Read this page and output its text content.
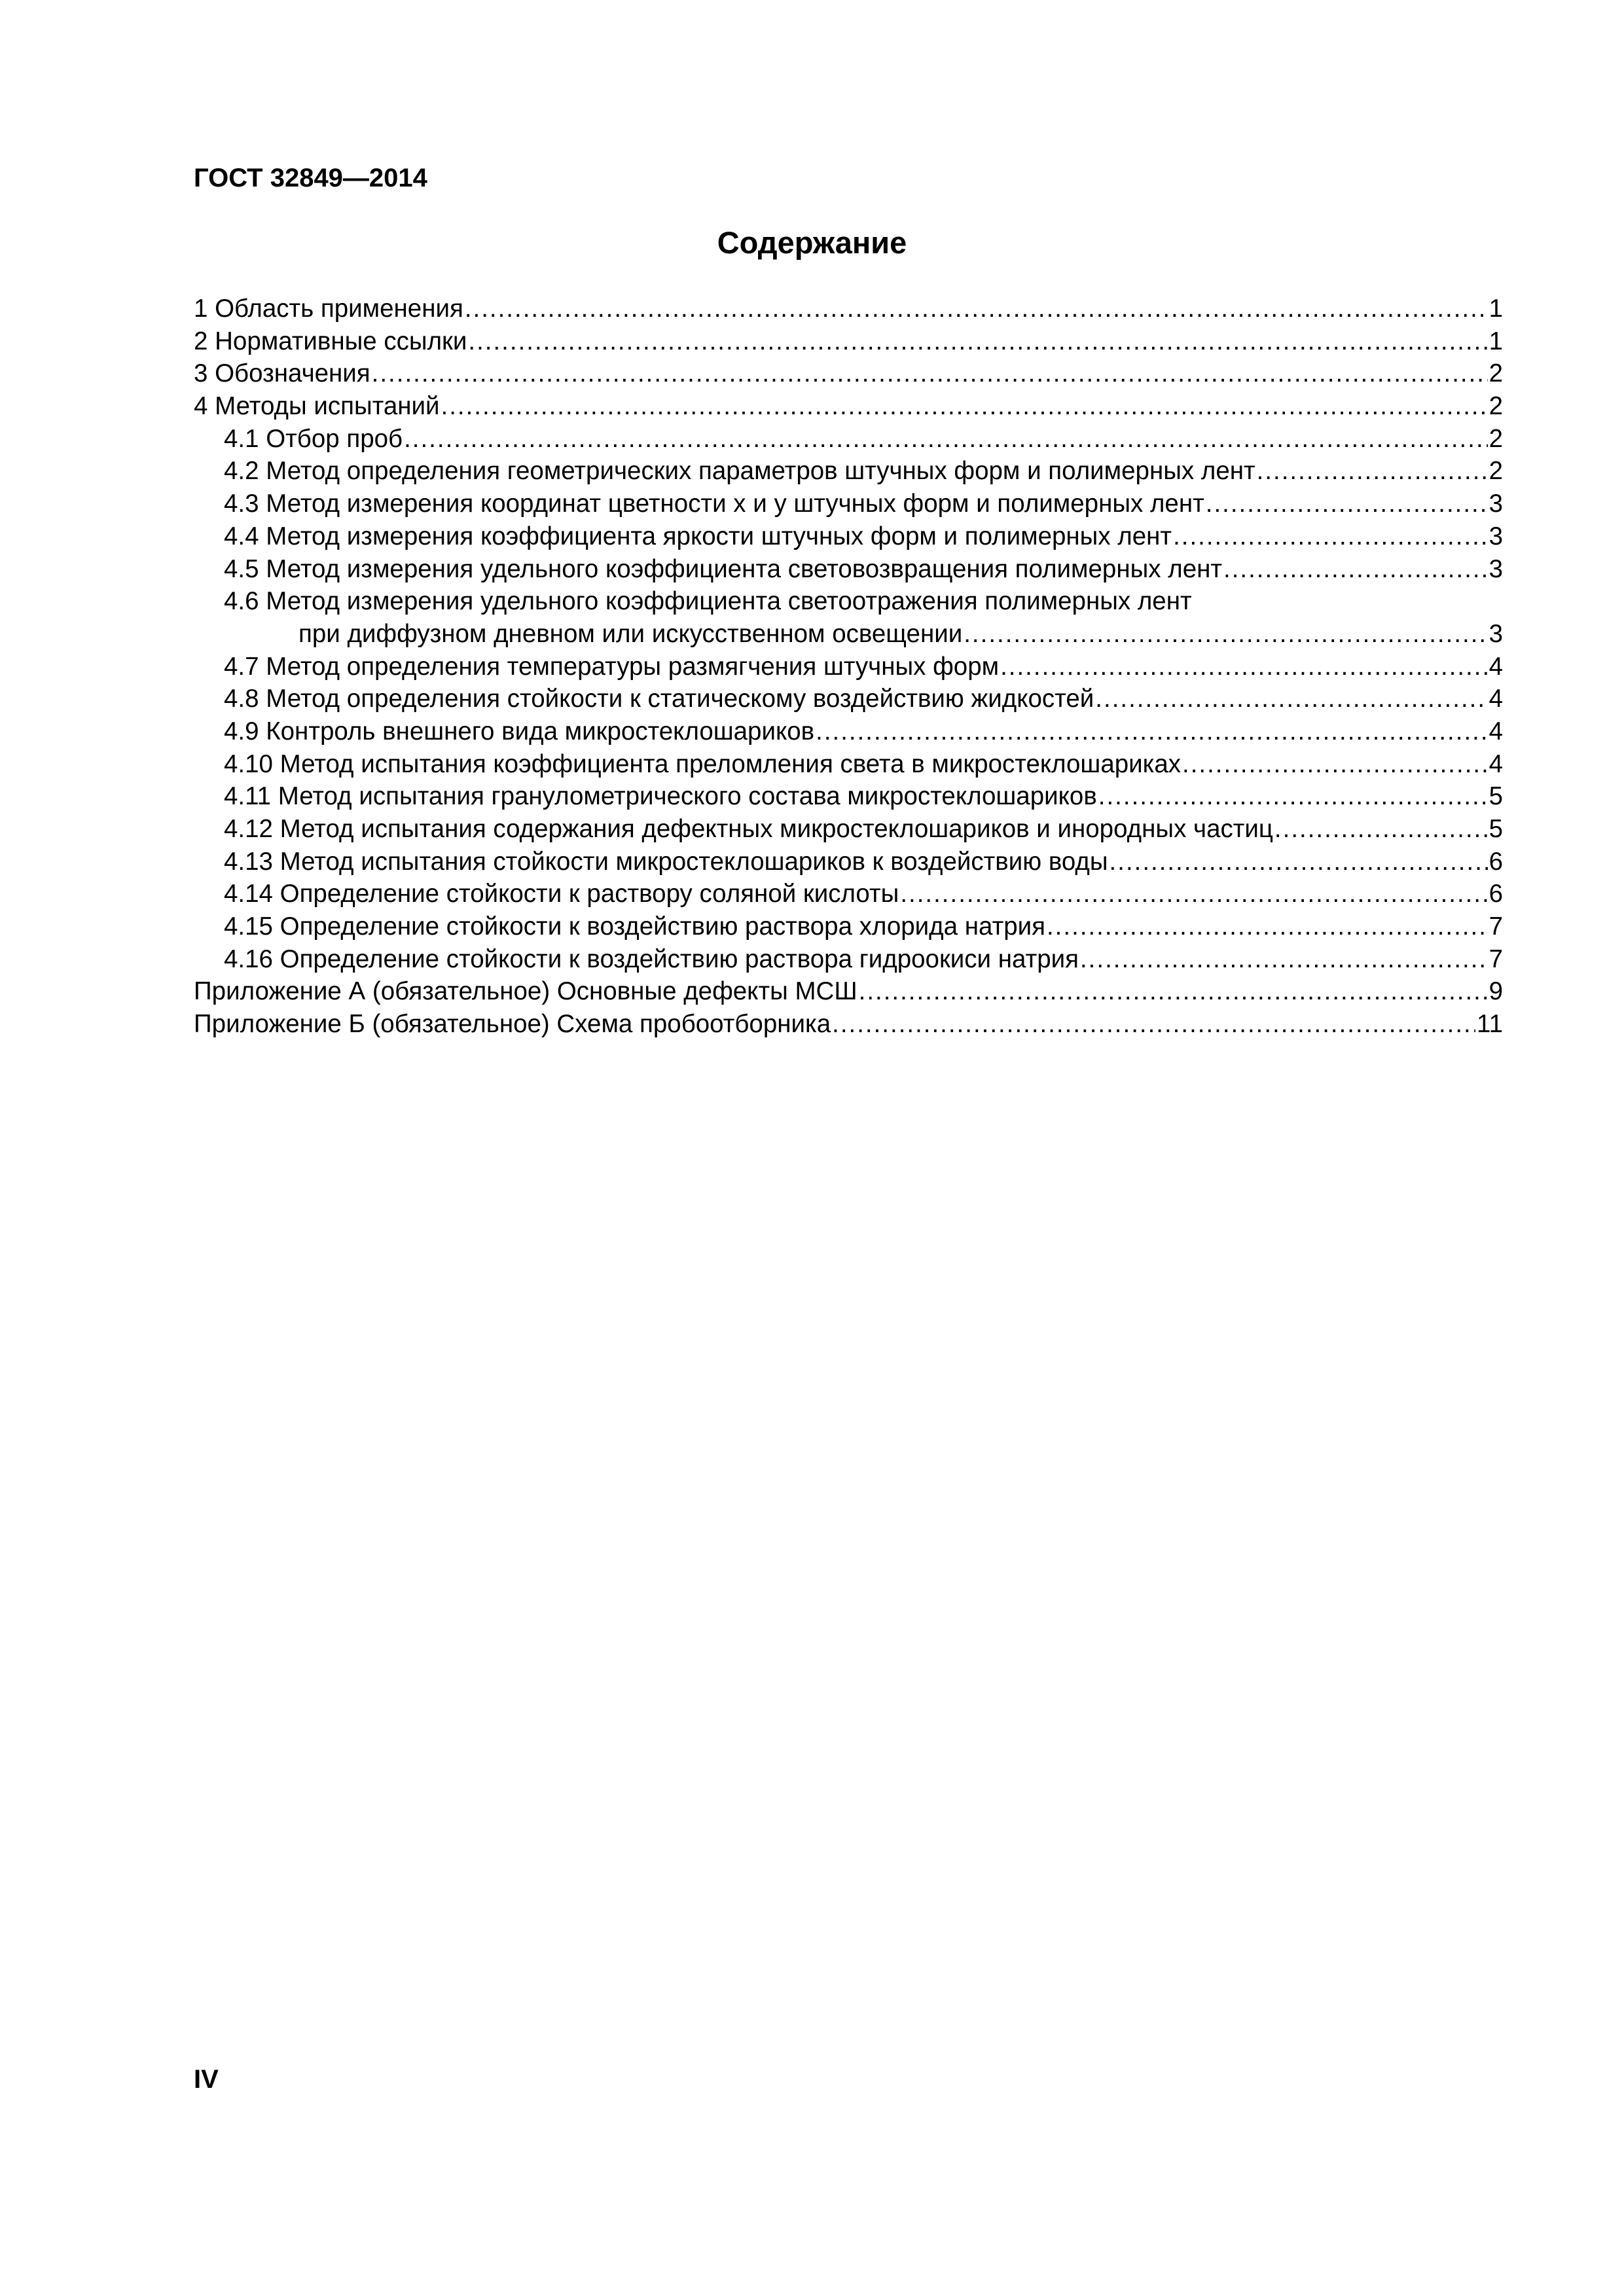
ГОСТ 32849—2014

Содержание
1 Область применения .....	1
2 Нормативные ссылки .....	1
3 Обозначения .....	2
4 Методы испытаний .....	2
4.1 Отбор проб .....	2
4.2 Метод определения геометрических параметров штучных форм и полимерных лент .....	2
4.3 Метод измерения координат цветности х и у штучных форм и полимерных лент .....	3
4.4 Метод измерения коэффициента яркости штучных форм и полимерных лент .....	3
4.5 Метод измерения удельного коэффициента световозвращения полимерных лент .....	3
4.6 Метод измерения удельного коэффициента светоотражения полимерных лент
при диффузном дневном или искусственном освещении .....	3
4.7 Метод определения температуры размягчения штучных форм .....	4
4.8 Метод определения стойкости к статическому воздействию жидкостей .....	4
4.9 Контроль внешнего вида микростеклошариков .....	4
4.10 Метод испытания коэффициента преломления света в микростеклошариках .....	4
4.11 Метод испытания гранулометрического состава микростеклошариков .....	5
4.12 Метод испытания содержания дефектных микростеклошариков и инородных частиц .....	5
4.13 Метод испытания стойкости микростеклошариков к воздействию воды .....	6
4.14 Определение стойкости к раствору соляной кислоты .....	6
4.15 Определение стойкости к воздействию раствора хлорида натрия .....	7
4.16 Определение стойкости к воздействию раствора гидроокиси натрия .....	7
Приложение А (обязательное) Основные дефекты МСШ .....	9
Приложение Б (обязательное) Схема пробоотборника .....	11

IV
